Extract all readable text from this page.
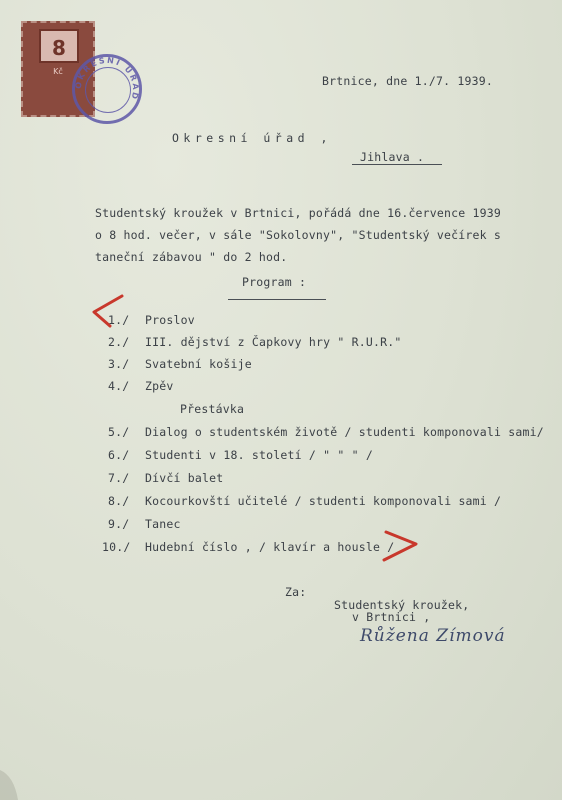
8
Kč
OKRESNÍ ÚŘAD
Brtnice, dne 1./7. 1939.
Okresní úřad ,
Jihlava .
Studentský kroužek v Brtnici, pořádá dne 16.července 1939
o 8 hod. večer, v sále "Sokolovny", "Studentský večírek s
taneční zábavou " do 2 hod.
Program :
1./ Proslov
2./ III. dějství z Čapkovy hry " R.U.R."
3./ Svatební košije
4./ Zpěv
Přestávka
5./ Dialog o studentském životě / studenti komponovali sami/
6./ Studenti v 18. století / " " " /
7./ Dívčí balet
8./ Kocourkovští učitelé / studenti komponovali sami /
9./ Tanec
10./ Hudební číslo , / klavír a housle /
Za:
Studentský kroužek,
v Brtnici ,
Růžena Zímová
